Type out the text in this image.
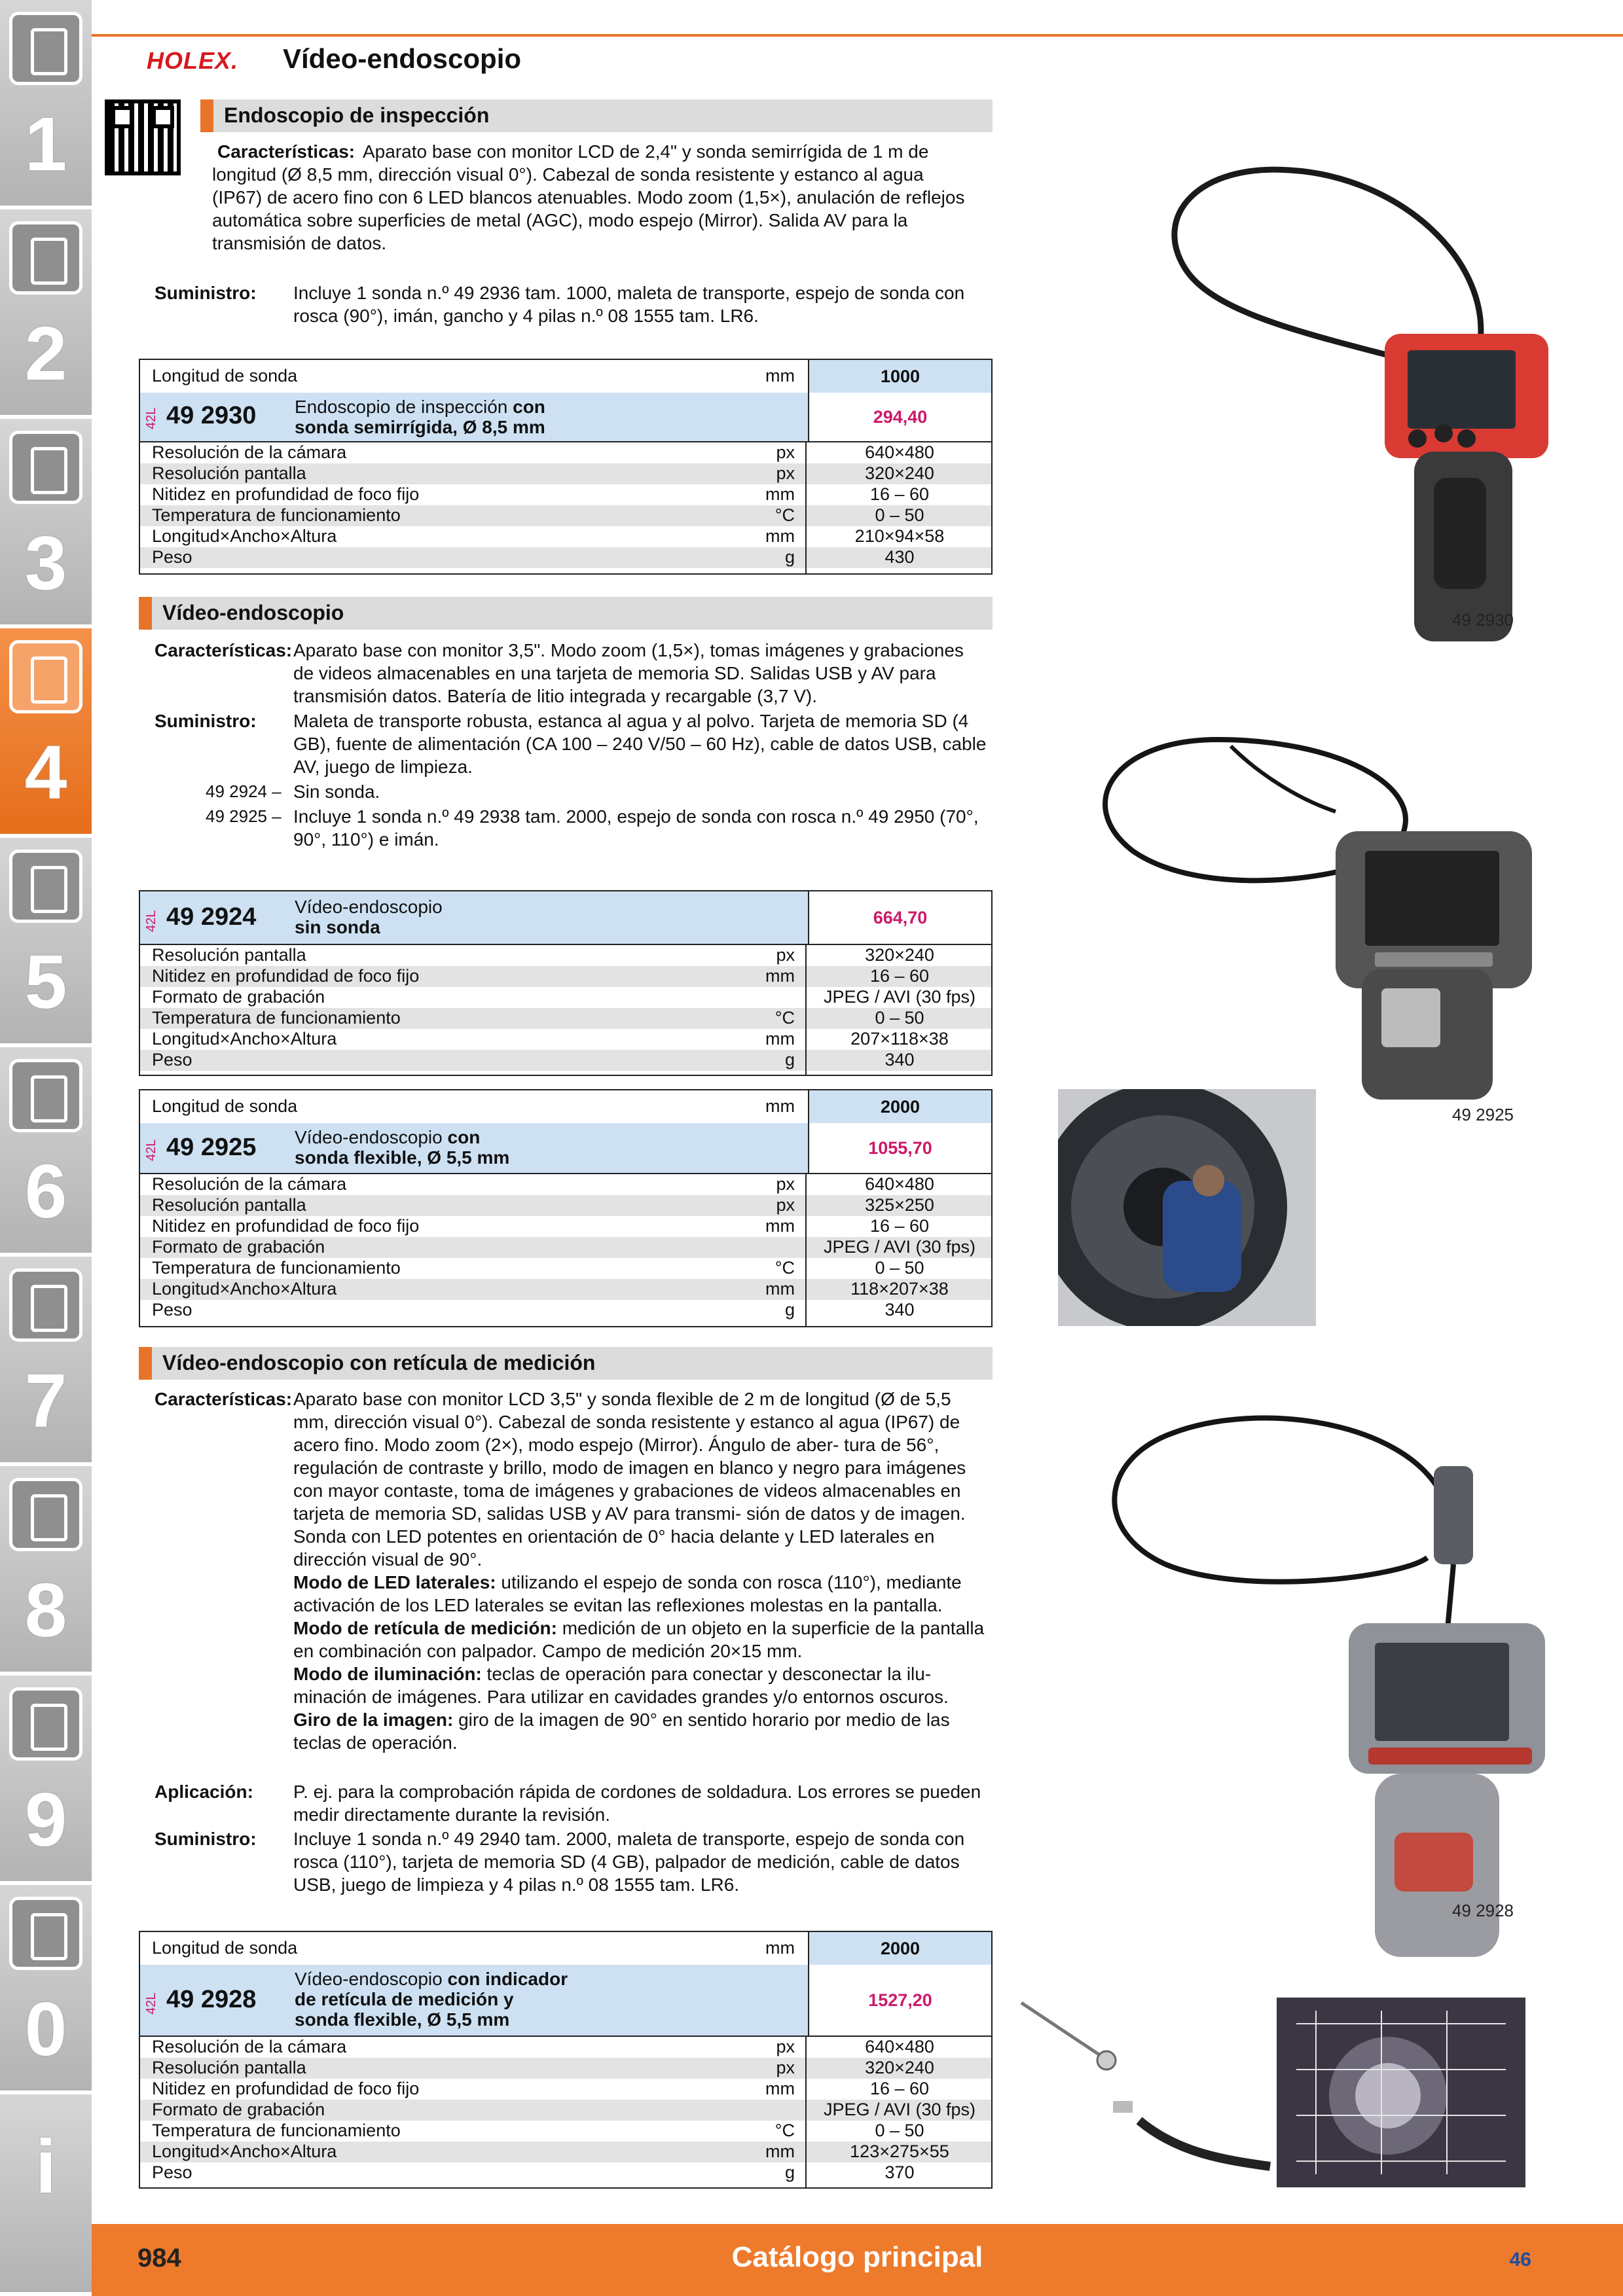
1
2
3
4
5
6
7
8
9
0
i
HOLEX. Vídeo-endoscopio
Endoscopio de inspección
Características: Aparato base con monitor LCD de 2,4" y sonda semirrígida de 1 m de longitud (Ø 8,5 mm, dirección visual 0°). Cabezal de sonda resistente y estanco al agua (IP67) de acero fino con 6 LED blancos atenuables. Modo zoom (1,5×), anulación de reflejos automática sobre superficies de metal (AGC), modo espejo (Mirror). Salida AV para la transmisión de datos.
Suministro: Incluye 1 sonda n.º 49 2936 tam. 1000, maleta de transporte, espejo de sonda con rosca (90°), imán, gancho y 4 pilas n.º 08 1555 tam. LR6.
Longitud de sonda	mm	1000
42L 49 2930 Endoscopio de inspección con
sonda semirrígida, Ø 8,5 mm	294,40
Resolución de la cámara	px	640×480
Resolución pantalla	px	320×240
Nitidez en profundidad de foco fijo	mm	16 – 60
Temperatura de funcionamiento	°C	0 – 50
Longitud×Ancho×Altura	mm	210×94×58
Peso	g	430
Vídeo-endoscopio
Características: Aparato base con monitor 3,5". Modo zoom (1,5×), tomas imágenes y grabaciones de videos almacenables en una tarjeta de memoria SD. Salidas USB y AV para transmisión datos. Batería de litio integrada y recargable (3,7 V).
Suministro: Maleta de transporte robusta, estanca al agua y al polvo. Tarjeta de memoria SD (4 GB), fuente de alimentación (CA 100 – 240 V/50 – 60 Hz), cable de datos USB, cable AV, juego de limpieza.
49 2924 – Sin sonda.
49 2925 – Incluye 1 sonda n.º 49 2938 tam. 2000, espejo de sonda con rosca n.º 49 2950 (70°, 90°, 110°) e imán.
42L 49 2924 Vídeo-endoscopio
sin sonda	664,70
Resolución pantalla	px	320×240
Nitidez en profundidad de foco fijo	mm	16 – 60
Formato de grabación	JPEG / AVI (30 fps)
Temperatura de funcionamiento	°C	0 – 50
Longitud×Ancho×Altura	mm	207×118×38
Peso	g	340
Longitud de sonda	mm	2000
42L 49 2925 Vídeo-endoscopio con
sonda flexible, Ø 5,5 mm	1055,70
Resolución de la cámara	px	640×480
Resolución pantalla	px	325×250
Nitidez en profundidad de foco fijo	mm	16 – 60
Formato de grabación	JPEG / AVI (30 fps)
Temperatura de funcionamiento	°C	0 – 50
Longitud×Ancho×Altura	mm	118×207×38
Peso	g	340
Vídeo-endoscopio con retícula de medición
Características: Aparato base con monitor LCD 3,5" y sonda flexible de 2 m de longitud (Ø de 5,5 mm, dirección visual 0°). Cabezal de sonda resistente y estanco al agua (IP67) de acero fino. Modo zoom (2×), modo espejo (Mirror). Ángulo de aber- tura de 56°, regulación de contraste y brillo, modo de imagen en blanco y negro para imágenes con mayor contaste, toma de imágenes y grabaciones de videos almacenables en tarjeta de memoria SD, salidas USB y AV para transmi- sión de datos y de imagen. Sonda con LED potentes en orientación de 0° hacia delante y LED laterales en dirección visual de 90°.

Modo de LED laterales: utilizando el espejo de sonda con rosca (110°), mediante activación de los LED laterales se evitan las reflexiones molestas en la pantalla.

Modo de retícula de medición: medición de un objeto en la superficie de la pantalla en combinación con palpador. Campo de medición 20×15 mm.

Modo de iluminación: teclas de operación para conectar y desconectar la ilu- minación de imágenes. Para utilizar en cavidades grandes y/o entornos oscuros.

Giro de la imagen: giro de la imagen de 90° en sentido horario por medio de las teclas de operación.

Aplicación: P. ej. para la comprobación rápida de cordones de soldadura. Los errores se pueden medir directamente durante la revisión.
Suministro: Incluye 1 sonda n.º 49 2940 tam. 2000, maleta de transporte, espejo de sonda con rosca (110°), tarjeta de memoria SD (4 GB), palpador de medición, cable de datos USB, juego de limpieza y 4 pilas n.º 08 1555 tam. LR6.
Longitud de sonda	mm	2000
42L 49 2928
Vídeo-endoscopio con indicador
de retícula de medición y
sonda flexible, Ø 5,5 mm
1527,20
Resolución de la cámara	px	640×480
Resolución pantalla	px	320×240
Nitidez en profundidad de foco fijo	mm	16 – 60
Formato de grabación	JPEG / AVI (30 fps)
Temperatura de funcionamiento	°C	0 – 50
Longitud×Ancho×Altura	mm	123×275×55
Peso	g	370
49 2930
49 2925
49 2928
984	Catálogo principal	46
